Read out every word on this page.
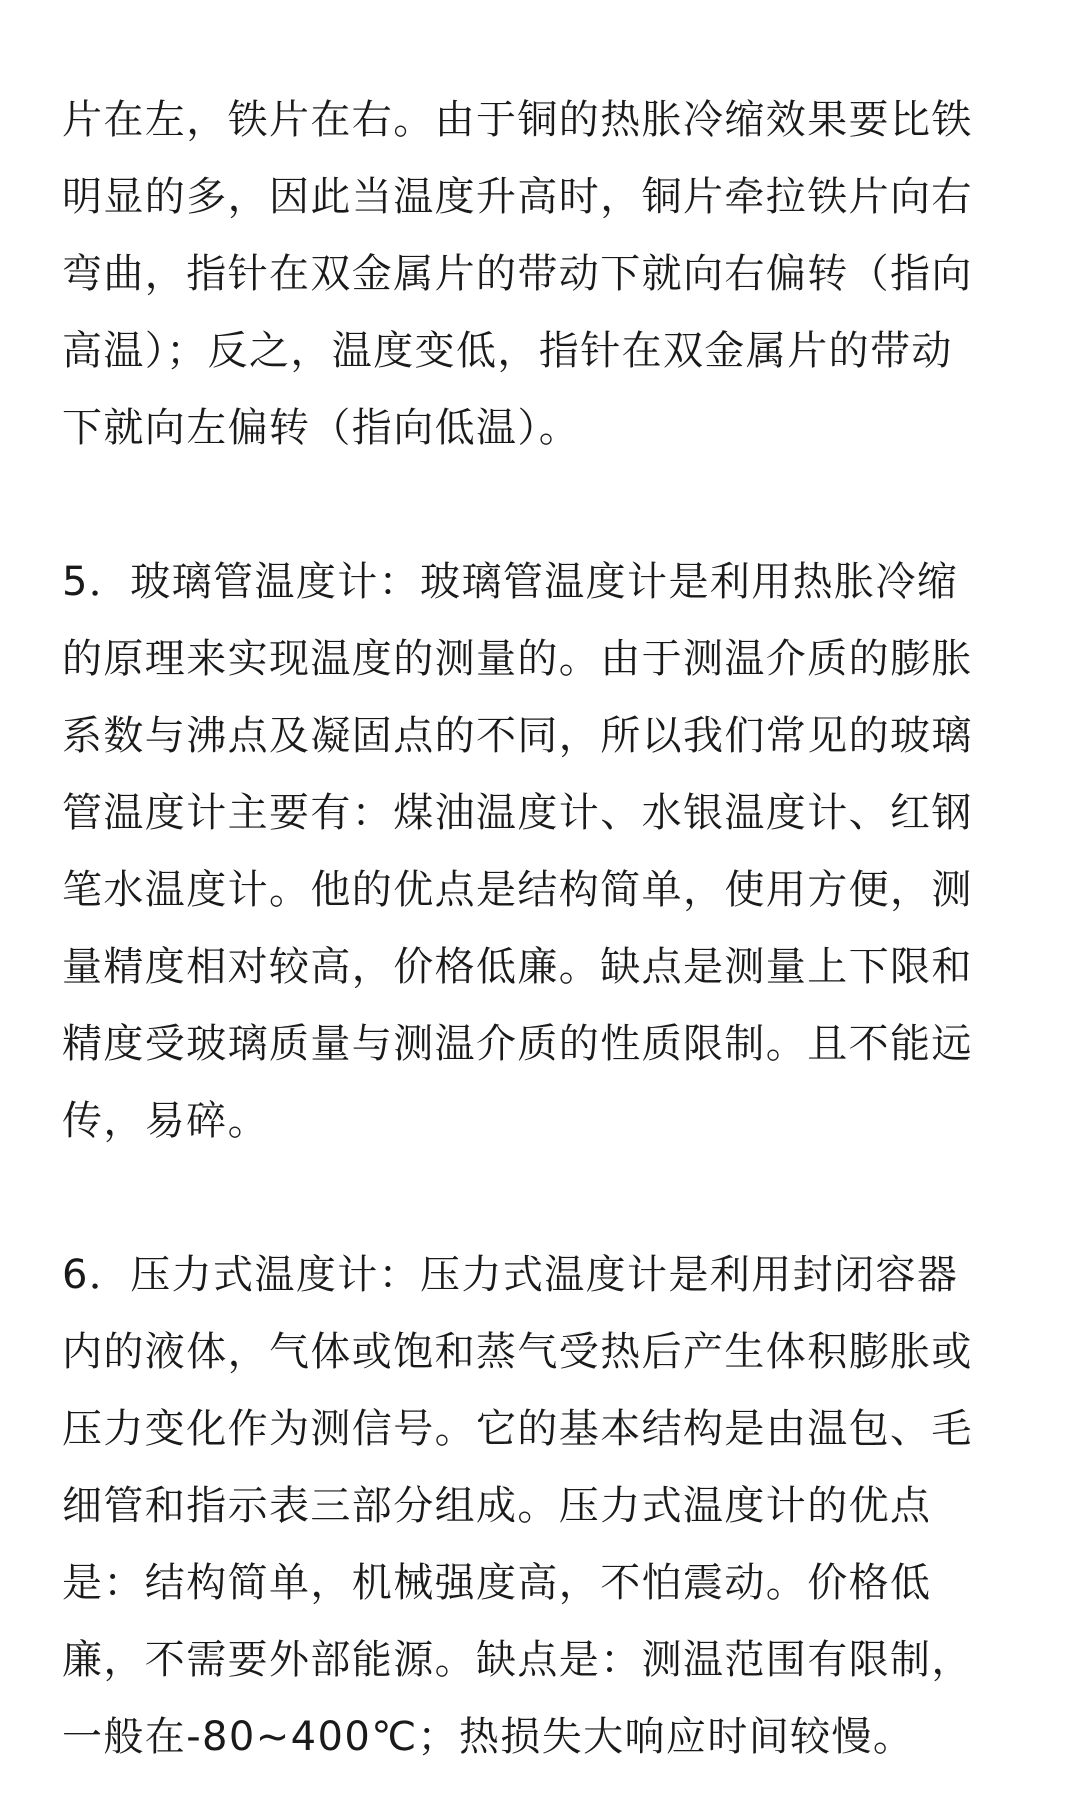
片在左，铁片在右。由于铜的热胀冷缩效果要比铁
明显的多，因此当温度升高时，铜片牵拉铁片向右
弯曲，指针在双金属片的带动下就向右偏转（指向
高温）；反之，温度变低，指针在双金属片的带动
下就向左偏转（指向低温）。

5．玻璃管温度计：玻璃管温度计是利用热胀冷缩
的原理来实现温度的测量的。由于测温介质的膨胀
系数与沸点及凝固点的不同，所以我们常见的玻璃
管温度计主要有：煤油温度计、水银温度计、红钢
笔水温度计。他的优点是结构简单，使用方便，测
量精度相对较高，价格低廉。缺点是测量上下限和
精度受玻璃质量与测温介质的性质限制。且不能远
传，易碎。

6．压力式温度计：压力式温度计是利用封闭容器
内的液体，气体或饱和蒸气受热后产生体积膨胀或
压力变化作为测信号。它的基本结构是由温包、毛
细管和指示表三部分组成。压力式温度计的优点
是：结构简单，机械强度高，不怕震动。价格低
廉，不需要外部能源。缺点是：测温范围有限制，
一般在-80~400℃；热损失大响应时间较慢。
